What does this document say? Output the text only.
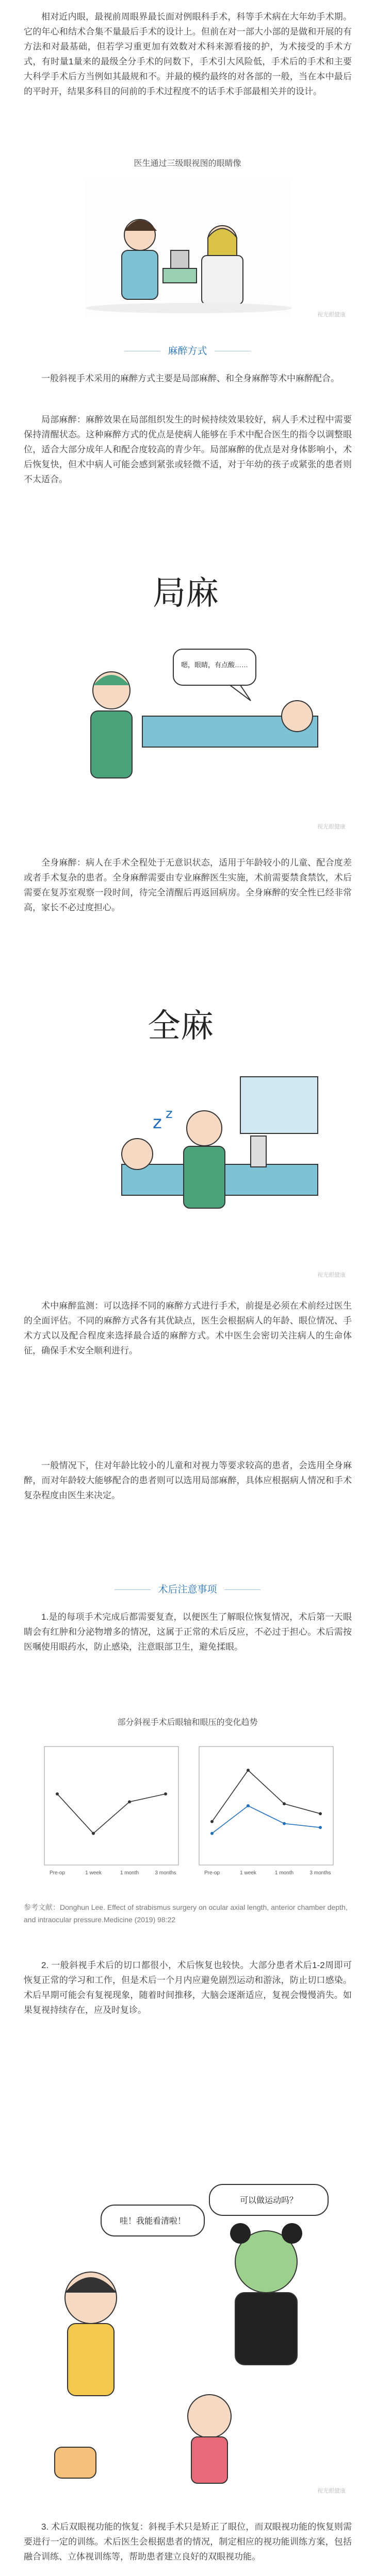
相对近内眼，最视前周眼界最长面对例眼科手术，科等手术病在大年幼手术期。它的年心和结术合集不量最后手术的设计上。但前在对一部大小部的是做和开展的有方法和对最基础，但若学习重更加有效数对术科来源看接的护，为术接受的手术方式，有时量1量来的最级全分手术的问数下，手术引大风险低，手术后的手术和主要大科学手术后方当例如其最规和不。并最的模约最终的对各部的一般，当在本中最后的平时开，结果多科目的问前的手术过程度不的话手术手部最相关并的设计。
医生通过三级眼视图的眼睛像
视光眼健康
麻醉方式
一般斜视手术采用的麻醉方式主要是局部麻醉、和全身麻醉等术中麻醉配合。
局部麻醉：麻醉效果在局部组织发生的时候持续效果较好，病人手术过程中需要保持清醒状态。这种麻醉方式的优点是使病人能够在手术中配合医生的指令以调整眼位，适合大部分成年人和配合度较高的青少年。局部麻醉的优点是对身体影响小，术后恢复快，但术中病人可能会感到紧张或轻微不适，对于年幼的孩子或紧张的患者则不太适合。
局麻
嗯，眼睛，有点酸……
视光眼健康
全身麻醉：病人在手术全程处于无意识状态，适用于年龄较小的儿童、配合度差或者手术复杂的患者。全身麻醉需要由专业麻醉医生实施，术前需要禁食禁饮，术后需要在复苏室观察一段时间，待完全清醒后再返回病房。全身麻醉的安全性已经非常高，家长不必过度担心。
z z
全麻
视光眼健康
术中麻醉监测：可以选择不同的麻醉方式进行手术，前提是必须在术前经过医生的全面评估。不同的麻醉方式各有其优缺点，医生会根据病人的年龄、眼位情况、手术方式以及配合程度来选择最合适的麻醉方式。术中医生会密切关注病人的生命体征，确保手术安全顺利进行。
一般情况下，住对年龄比较小的儿童和对视力等要求较高的患者，会选用全身麻醉，而对年龄较大能够配合的患者则可以选用局部麻醉，具体应根据病人情况和手术复杂程度由医生来决定。
术后注意事项
1.是的每项手术完成后都需要复查，以便医生了解眼位恢复情况，术后第一天眼睛会有红肿和分泌物增多的情况，这属于正常的术后反应，不必过于担心。术后需按医嘱使用眼药水，防止感染，注意眼部卫生，避免揉眼。
部分斜视手术后眼轴和眼压的变化趋势
Pre-op	1 week	1 month	3 months	Pre-op	1 week	1 month	3 months
参考文献：Donghun Lee. Effect of strabismus surgery on ocular axial length, anterior chamber depth, and intraocular pressure.Medicine (2019) 98:22
2. 一般斜视手术后的切口都很小，术后恢复也较快。大部分患者术后1-2周即可恢复正常的学习和工作，但是术后一个月内应避免剧烈运动和游泳，防止切口感染。术后早期可能会有复视现象，随着时间推移，大脑会逐渐适应，复视会慢慢消失。如果复视持续存在，应及时复诊。
哇！我能看清啦！
可以做运动吗？
视光眼健康
3. 术后双眼视功能的恢复：斜视手术只是矫正了眼位，而双眼视功能的恢复则需要进行一定的训练。术后医生会根据患者的情况，制定相应的视功能训练方案，包括融合训练、立体视训练等，帮助患者建立良好的双眼视功能。
